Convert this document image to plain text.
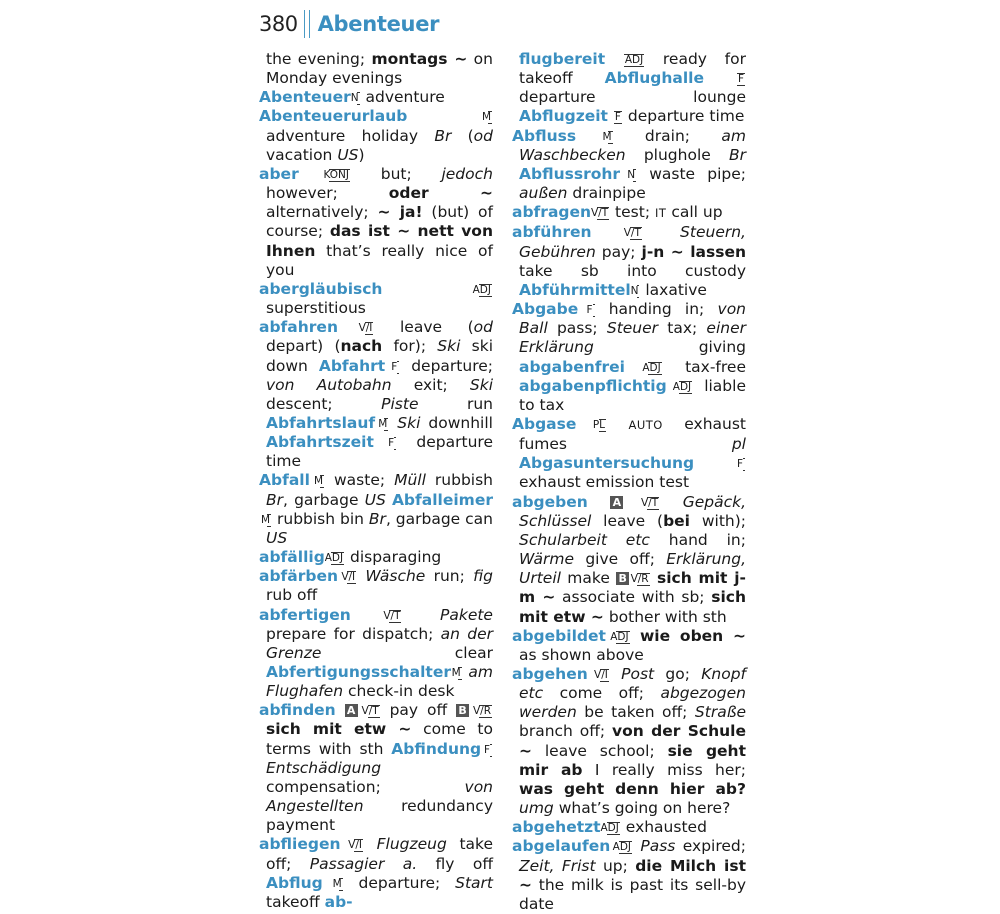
380 Abenteuer

the evening; montags ~ on Monday evenings

Abenteuer N adventure

Abenteuerurlaub	M adventure holiday Br (od vacation US)

aber KONJ but; jedoch however; oder ~ alternatively; ~ ja! (but) of course; das ist ~ nett von Ihnen that’s really nice of you

abergläubisch	ADJ superstitious

abfahren V/I leave (od depart) (nach for); Ski ski down Abfahrt F departure; von Autobahn exit; Ski descent; Piste run Abfahrtslauf M Ski downhill Abfahrtszeit F departure time

Abfall M waste; Müll rubbish Br, garbage US Abfalleimer M rubbish bin Br, garbage can US

abfällig ADJ disparaging

abfärben V/I Wäsche run; fig rub off

abfertigen	V/T	Pakete prepare for dispatch; an der Grenze clear Abfertigungsschalter M am Flughafen check-in desk

abfinden A V/T pay off B V/R sich mit etw ~ come to terms with sth Abfindung F Entschädigung compensation; von Angestellten redundancy payment

abfliegen V/I Flugzeug take off; Passagier a. fly off Abflug M departure; Start takeoff ab-

flugbereit ADJ ready for takeoff Abflughalle	F departure lounge Abflugzeit F departure time

Abfluss	M drain; am Waschbecken plughole Br Abflussrohr N waste pipe; außen drainpipe

abfragen V/T test; IT call up

abführen	V/T	Steuern, Gebühren pay; j-n ~ lassen take sb into custody Abführmittel N laxative

Abgabe F handing in; von Ball pass; Steuer tax; einer Erklärung giving abgabenfrei ADJ tax-free abgabenpflichtig ADJ liable to tax

Abgase PL AUTO exhaust fumes pl Abgasuntersuchung	F exhaust emission test

abgeben A V/T Gepäck, Schlüssel leave (bei with); Schularbeit etc hand in; Wärme give off; Erklärung, Urteil make B V/R sich mit j-m ~ associate with sb; sich mit etw ~ bother with sth

abgebildet ADJ wie oben ~ as shown above

abgehen V/I Post go; Knopf etc come off; abgezogen werden be taken off; Straße branch off; von der Schule ~ leave school; sie geht mir ab I really miss her; was geht denn hier ab? umg what’s going on here?

abgehetzt ADJ exhausted

abgelaufen ADJ Pass expired; Zeit, Frist up; die Milch ist ~ the milk is past its sell-by date
